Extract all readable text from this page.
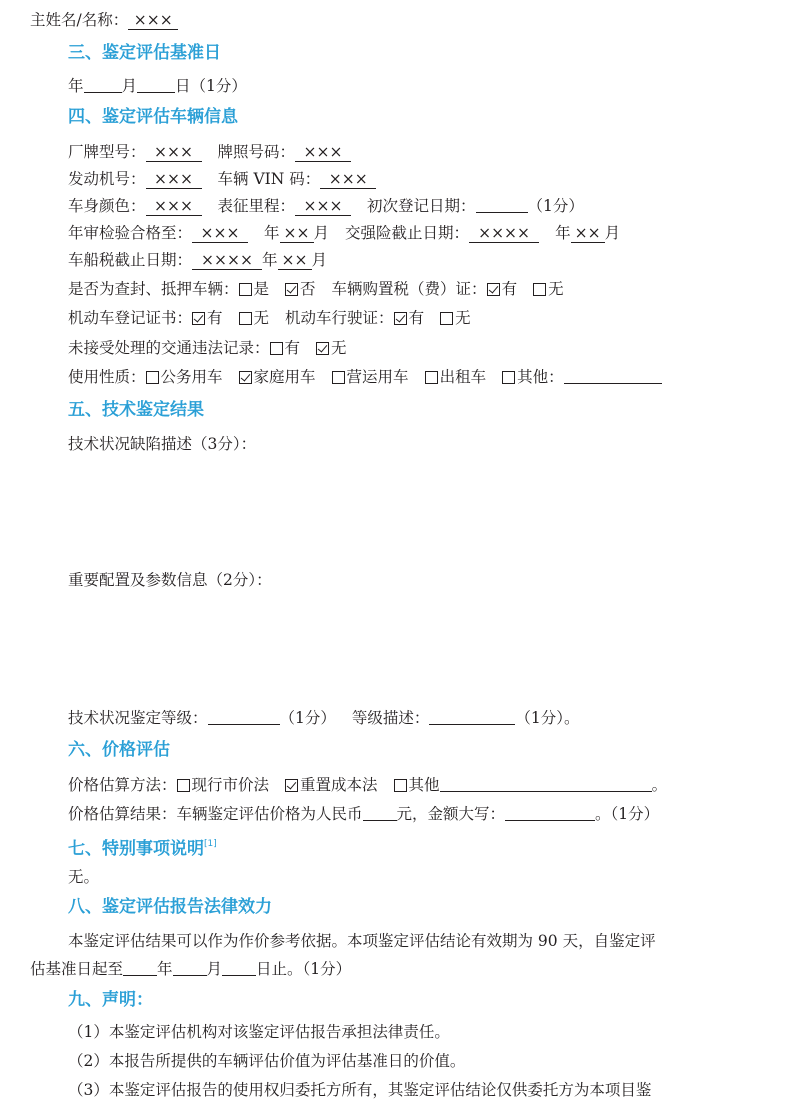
主姓名/名称： ×××
三、鉴定评估基准日
年 月 日（1分）
四、鉴定评估车辆信息
厂牌型号： ××× 牌照号码： ×××
发动机号： ××× 车辆 VIN 码： ×××
车身颜色： ××× 表征里程： ××× 初次登记日期：	（1分）
年审检验合格至： ××× 年 ×× 月 交强险截止日期： ×××× 年 ×× 月
车船税截止日期： ×××× 年 ×× 月
是否为查封、抵押车辆： 是 否 车辆购置税（费）证： 有 无
机动车登记证书： 有 无 机动车行驶证： 有 无
未接受处理的交通违法记录： 有 无
使用性质： 公务用车 家庭用车 营运用车 出租车 其他：
五、技术鉴定结果
技术状况缺陷描述（3分）：
重要配置及参数信息（2分）：
技术状况鉴定等级：	（1分） 等级描述：	（1分）。
六、价格评估
价格估算方法： 现行市价法 重置成本法 其他	。
价格估算结果：车辆鉴定评估价格为人民币 元，金额大写：	。（1分）
七、特别事项说明[1]
无。
八、鉴定评估报告法律效力
本鉴定评估结果可以作为作价参考依据。本项鉴定评估结论有效期为 90 天，自鉴定评
估基准日起至 年 月 日止。（1分）
九、声明：
（1）本鉴定评估机构对该鉴定评估报告承担法律责任。
（2）本报告所提供的车辆评估价值为评估基准日的价值。
（3）本鉴定评估报告的使用权归委托方所有，其鉴定评估结论仅供委托方为本项目鉴
